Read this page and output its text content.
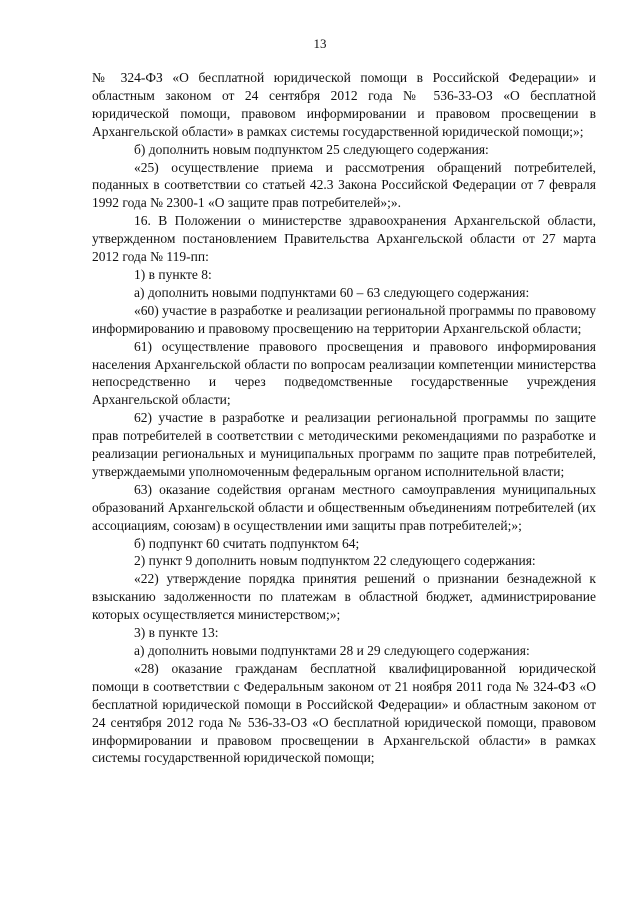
13

№ 324-ФЗ «О бесплатной юридической помощи в Российской Федерации» и областным законом от 24 сентября 2012 года № 536-33-ОЗ «О бесплатной юридической помощи, правовом информировании и правовом просвещении в Архангельской области» в рамках системы государственной юридической помощи;»;

б) дополнить новым подпунктом 25 следующего содержания:

«25) осуществление приема и рассмотрения обращений потребителей, поданных в соответствии со статьей 42.3 Закона Российской Федерации от 7 февраля 1992 года № 2300-1 «О защите прав потребителей»;».

16. В Положении о министерстве здравоохранения Архангельской области, утвержденном постановлением Правительства Архангельской области от 27 марта 2012 года № 119-пп:

1) в пункте 8:

а) дополнить новыми подпунктами 60 – 63 следующего содержания:

«60) участие в разработке и реализации региональной программы по правовому информированию и правовому просвещению на территории Архангельской области;

61) осуществление правового просвещения и правового информирования населения Архангельской области по вопросам реализации компетенции министерства непосредственно и через подведомственные государственные учреждения Архангельской области;

62) участие в разработке и реализации региональной программы по защите прав потребителей в соответствии с методическими рекомендациями по разработке и реализации региональных и муниципальных программ по защите прав потребителей, утверждаемыми уполномоченным федеральным органом исполнительной власти;

63) оказание содействия органам местного самоуправления муниципальных образований Архангельской области и общественным объединениям потребителей (их ассоциациям, союзам) в осуществлении ими защиты прав потребителей;»;

б) подпункт 60 считать подпунктом 64;

2) пункт 9 дополнить новым подпунктом 22 следующего содержания:

«22) утверждение порядка принятия решений о признании безнадежной к взысканию задолженности по платежам в областной бюджет, администрирование которых осуществляется министерством;»;

3) в пункте 13:

а) дополнить новыми подпунктами 28 и 29 следующего содержания:

«28) оказание гражданам бесплатной квалифицированной юридической помощи в соответствии с Федеральным законом от 21 ноября 2011 года № 324-ФЗ «О бесплатной юридической помощи в Российской Федерации» и областным законом от 24 сентября 2012 года № 536-33-ОЗ «О бесплатной юридической помощи, правовом информировании и правовом просвещении в Архангельской области» в рамках системы государственной юридической помощи;
